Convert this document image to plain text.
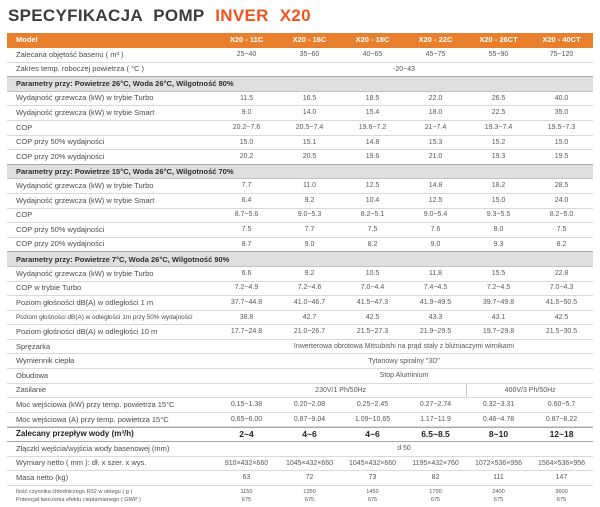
SPECYFIKACJA POMP INVER X20
Model	X20 - 11C	X20 - 16C	X20 - 18C	X20 - 22C	X20 - 26CT	X20 - 40CT
Zalecana objętość basenu ( m³ )	25~40	35~60	40~65	45~75	55~90	75~120
Zakres temp. roboczej powietrza ( °C )	-20~43
Parametry przy: Powietrze 26°C, Woda 26°C, Wilgotność 80%
Wydajność grzewcza (kW) w trybie Turbo	11.5	16.5	18.5	22.0	26.5	40.0
Wydajność grzewcza (kW) w trybie Smart	9.0	14.0	15.4	18.0	22.5	35.0
COP	20.2~7.6	20.5~7.4	19.6~7.2	21~7.4	19.3~7.4	19.5~7.3
COP przy 50% wydajności	15.0	15.1	14.8	15.3	15.2	15.0
COP przy 20% wydajności	20.2	20.5	19.6	21.0	19.3	19.5
Parametry przy: Powietrze 15°C, Woda 26°C, Wilgotność 70%
Wydajność grzewcza (kW) w trybie Turbo	7.7	11.0	12.5	14.8	18.2	28.5
Wydajność grzewcza (kW) w trybie Smart	6.4	9.2	10.4	12.5	15.0	24.0
COP	8.7~5.6	9.0~5.3	8.2~5.1	9.0~5.4	9.3~5.5	8.2~5.0
COP przy 50% wydajności	7.5	7.7	7.5	7.6	8.0	7.5
COP przy 20% wydajności	8.7	9.0	8.2	9.0	9.3	8.2
Parametry przy: Powietrze 7°C, Woda 26°C, Wilgotność 90%
Wydajność grzewcza (kW) w trybie Turbo	6.6	9.2	10.5	11.8	15.5	22.8
COP w trybie Turbo	7.2~4.9	7.2~4.6	7.0~4.4	7.4~4.5	7.2~4.5	7.0~4.3
Poziom głośności dB(A) w odległości 1 m	37.7~44.8	41.0~46.7	41.5~47.3	41.9~49.5	39.7~49.8	41.5~50.5
Poziom głośności dB(A) w odległości 1m przy 50% wydajności	38.8	42.7	42.5	43.3	43.1	42.5
Poziom głośności dB(A) w odległości 10 m	17.7~24.8	21.0~26.7	21.5~27.3	21.9~29.5	19.7~29.8	21.5~30.5
Sprężarka	Inwerterowa obrotowa Mitsubishi na prąd stały z bliźniaczymi wirnikami
Wymiennik ciepła	Tytanowy spiralny "3D"
Obudowa	Stop Aluminium
Zasilanie	230V/1 Ph/50Hz	400V/3 Ph/50Hz
Moc wejściowa (kW) przy temp. powietrza 15°C	0.15~1.38	0.20~2.08	0.25~2.45	0.27~2.74	0.32~3.31	0.60~5.7
Moc wejściowa (A) przy temp. powietrza 15°C	0.65~6.00	0.87~9.04	1.09~10.65	1.17~11.9	0.46~4.78	0.87~8.22
Zalecany przepływ wody (m³/h)	2~4	4~6	4~6	6.5~8.5	8~10	12~18
Złączki wejścia/wyjścia wody basenowej (mm)	d 50
Wymiary netto ( mm ): dł. x szer. x wys.	910×432×660	1045×432×660	1045×432×660	1195×432×760	1072×536×956	1564×536×956
Masa netto (kg)	63	72	73	82	111	147
Ilość czynnika chłodniczego R32 w obiegu ( g )	1150	1350	1450	1700	2400	3600
Potencjał tworzenia efektu cieplarnianego ( GWP )	675	675	675	675	675	675
